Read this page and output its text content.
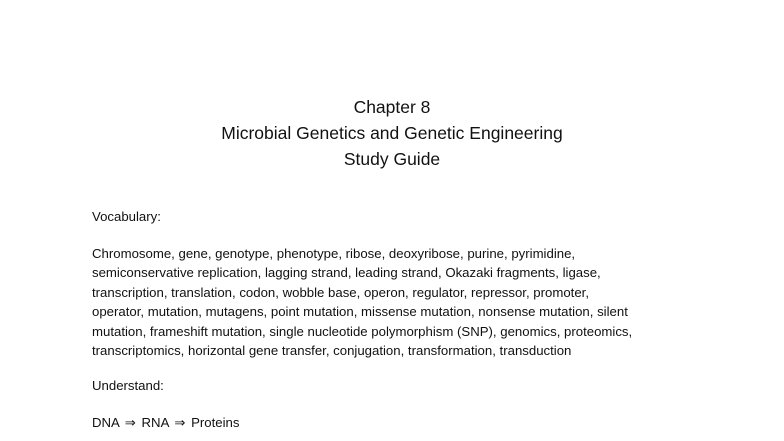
Chapter 8
Microbial Genetics and Genetic Engineering
Study Guide
Vocabulary:
Chromosome, gene, genotype, phenotype, ribose, deoxyribose, purine, pyrimidine,
semiconservative replication, lagging strand, leading strand, Okazaki fragments, ligase,
transcription, translation, codon, wobble base, operon, regulator, repressor, promoter,
operator, mutation, mutagens, point mutation, missense mutation, nonsense mutation, silent
mutation, frameshift mutation, single nucleotide polymorphism (SNP), genomics, proteomics,
transcriptomics, horizontal gene transfer, conjugation, transformation, transduction
Understand:
DNA ⇒ RNA ⇒ Proteins
